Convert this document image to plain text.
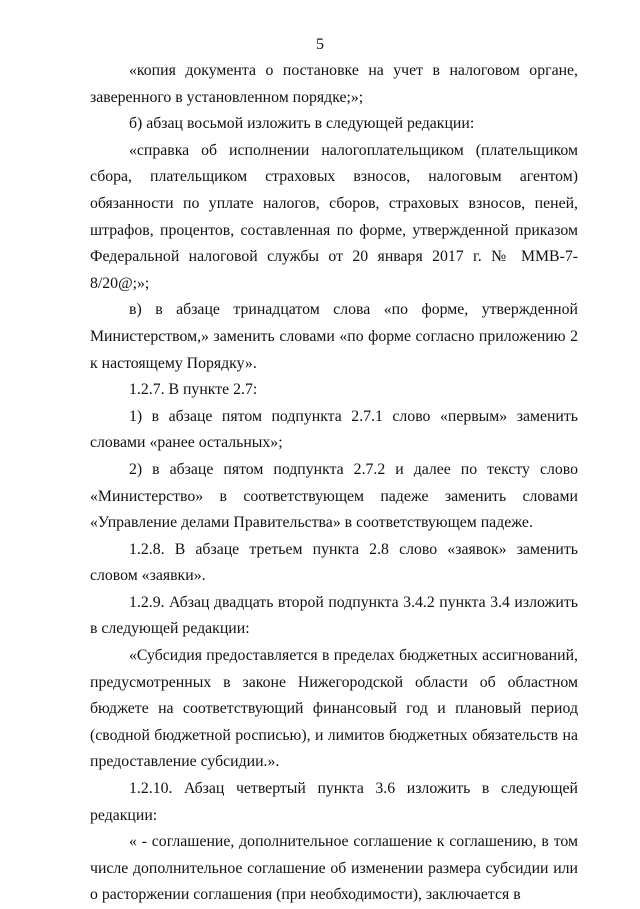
5

«копия документа о постановке на учет в налоговом органе, заверенного в установленном порядке;»;

б) абзац восьмой изложить в следующей редакции:

«справка об исполнении налогоплательщиком (плательщиком сбора, плательщиком страховых взносов, налоговым агентом) обязанности по уплате налогов, сборов, страховых взносов, пеней, штрафов, процентов, составленная по форме, утвержденной приказом Федеральной налоговой службы от 20 января 2017 г. № ММВ-7-8/20@;»;

в) в абзаце тринадцатом слова «по форме, утвержденной Министерством,» заменить словами «по форме согласно приложению 2 к настоящему Порядку».

1.2.7. В пункте 2.7:

1) в абзаце пятом подпункта 2.7.1 слово «первым» заменить словами «ранее остальных»;

2) в абзаце пятом подпункта 2.7.2 и далее по тексту слово «Министерство» в соответствующем падеже заменить словами «Управление делами Правительства» в соответствующем падеже.

1.2.8. В абзаце третьем пункта 2.8 слово «заявок» заменить словом «заявки».

1.2.9. Абзац двадцать второй подпункта 3.4.2 пункта 3.4 изложить в следующей редакции:

«Субсидия предоставляется в пределах бюджетных ассигнований, предусмотренных в законе Нижегородской области об областном бюджете на соответствующий финансовый год и плановый период (сводной бюджетной росписью), и лимитов бюджетных обязательств на предоставление субсидии.».

1.2.10. Абзац четвертый пункта 3.6 изложить в следующей редакции:

« - соглашение, дополнительное соглашение к соглашению, в том числе дополнительное соглашение об изменении размера субсидии или о расторжении соглашения (при необходимости), заключается в
